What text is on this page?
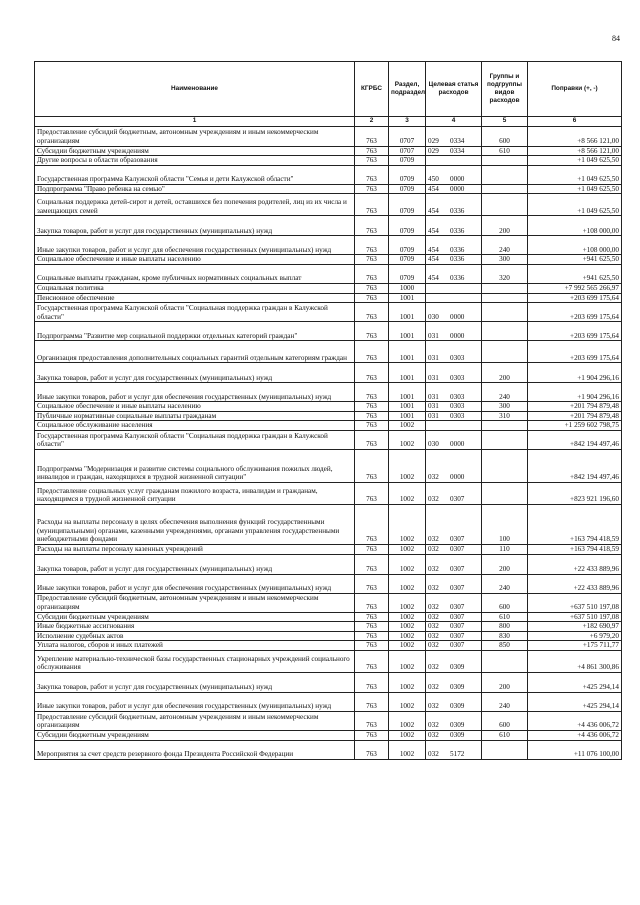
84
Наименование	КГРБС	Раздел, подраздел	Целевая статья расходов	Группы и подгруппы видов расходов	Поправки (+, -)
1	2	3	4	5	6
Предоставление субсидий бюджетным, автономным учреждениям и иным некоммерческим организациям	763	0707	029 0334	600	+8 566 121,00
Субсидии бюджетным учреждениям	763	0707	029 0334	610	+8 566 121,00
Другие вопросы в области образования	763	0709			+1 049 625,50
Государственная программа Калужской области "Семья и дети Калужской области"	763	0709	450 0000		+1 049 625,50
Подпрограмма "Право ребенка на семью"	763	0709	454 0000		+1 049 625,50
Социальная поддержка детей-сирот и детей, оставшихся без попечения родителей, лиц из их числа и замещающих семей	763	0709	454 0336		+1 049 625,50
Закупка товаров, работ и услуг для государственных (муниципальных) нужд	763	0709	454 0336	200	+108 000,00
Иные закупки товаров, работ и услуг для обеспечения государственных (муниципальных) нужд	763	0709	454 0336	240	+108 000,00
Социальное обеспечение и иные выплаты населению	763	0709	454 0336	300	+941 625,50
Социальные выплаты гражданам, кроме публичных нормативных социальных выплат	763	0709	454 0336	320	+941 625,50
Социальная политика	763	1000			+7 992 565 266,97
Пенсионное обеспечение	763	1001			+203 699 175,64
Государственная программа Калужской области "Социальная поддержка граждан в Калужской области"	763	1001	030 0000		+203 699 175,64
Подпрограмма "Развитие мер социальной поддержки отдельных категорий граждан"	763	1001	031 0000		+203 699 175,64
Организация предоставления дополнительных социальных гарантий отдельным категориям граждан	763	1001	031 0303		+203 699 175,64
Закупка товаров, работ и услуг для государственных (муниципальных) нужд	763	1001	031 0303	200	+1 904 296,16
Иные закупки товаров, работ и услуг для обеспечения государственных (муниципальных) нужд	763	1001	031 0303	240	+1 904 296,16
Социальное обеспечение и иные выплаты населению	763	1001	031 0303	300	+201 794 879,48
Публичные нормативные социальные выплаты гражданам	763	1001	031 0303	310	+201 794 879,48
Социальное обслуживание населения	763	1002			+1 259 602 798,75
Государственная программа Калужской области "Социальная поддержка граждан в Калужской области"	763	1002	030 0000		+842 194 497,46
Подпрограмма "Модернизация и развитие системы социального обслуживания пожилых людей, инвалидов и граждан, находящихся в трудной жизненной ситуации"	763	1002	032 0000		+842 194 497,46
Предоставление социальных услуг гражданам пожилого возраста, инвалидам и гражданам, находящимся в трудной жизненной ситуации	763	1002	032 0307		+823 921 196,60
Расходы на выплаты персоналу в целях обеспечения выполнения функций государственными (муниципальными) органами, казенными учреждениями, органами управления государственными внебюджетными фондами	763	1002	032 0307	100	+163 794 418,59
Расходы на выплаты персоналу казенных учреждений	763	1002	032 0307	110	+163 794 418,59
Закупка товаров, работ и услуг для государственных (муниципальных) нужд	763	1002	032 0307	200	+22 433 889,96
Иные закупки товаров, работ и услуг для обеспечения государственных (муниципальных) нужд	763	1002	032 0307	240	+22 433 889,96
Предоставление субсидий бюджетным, автономным учреждениям и иным некоммерческим организациям	763	1002	032 0307	600	+637 510 197,08
Субсидии бюджетным учреждениям	763	1002	032 0307	610	+637 510 197,08
Иные бюджетные ассигнования	763	1002	032 0307	800	+182 690,97
Исполнение судебных актов	763	1002	032 0307	830	+6 979,20
Уплата налогов, сборов и иных платежей	763	1002	032 0307	850	+175 711,77
Укрепление материально-технической базы государственных стационарных учреждений социального обслуживания	763	1002	032 0309		+4 861 300,86
Закупка товаров, работ и услуг для государственных (муниципальных) нужд	763	1002	032 0309	200	+425 294,14
Иные закупки товаров, работ и услуг для обеспечения государственных (муниципальных) нужд	763	1002	032 0309	240	+425 294,14
Предоставление субсидий бюджетным, автономным учреждениям и иным некоммерческим организациям	763	1002	032 0309	600	+4 436 006,72
Субсидии бюджетным учреждениям	763	1002	032 0309	610	+4 436 006,72
Мероприятия за счет средств резервного фонда Президента Российской Федерации	763	1002	032 5172		+11 076 100,00
